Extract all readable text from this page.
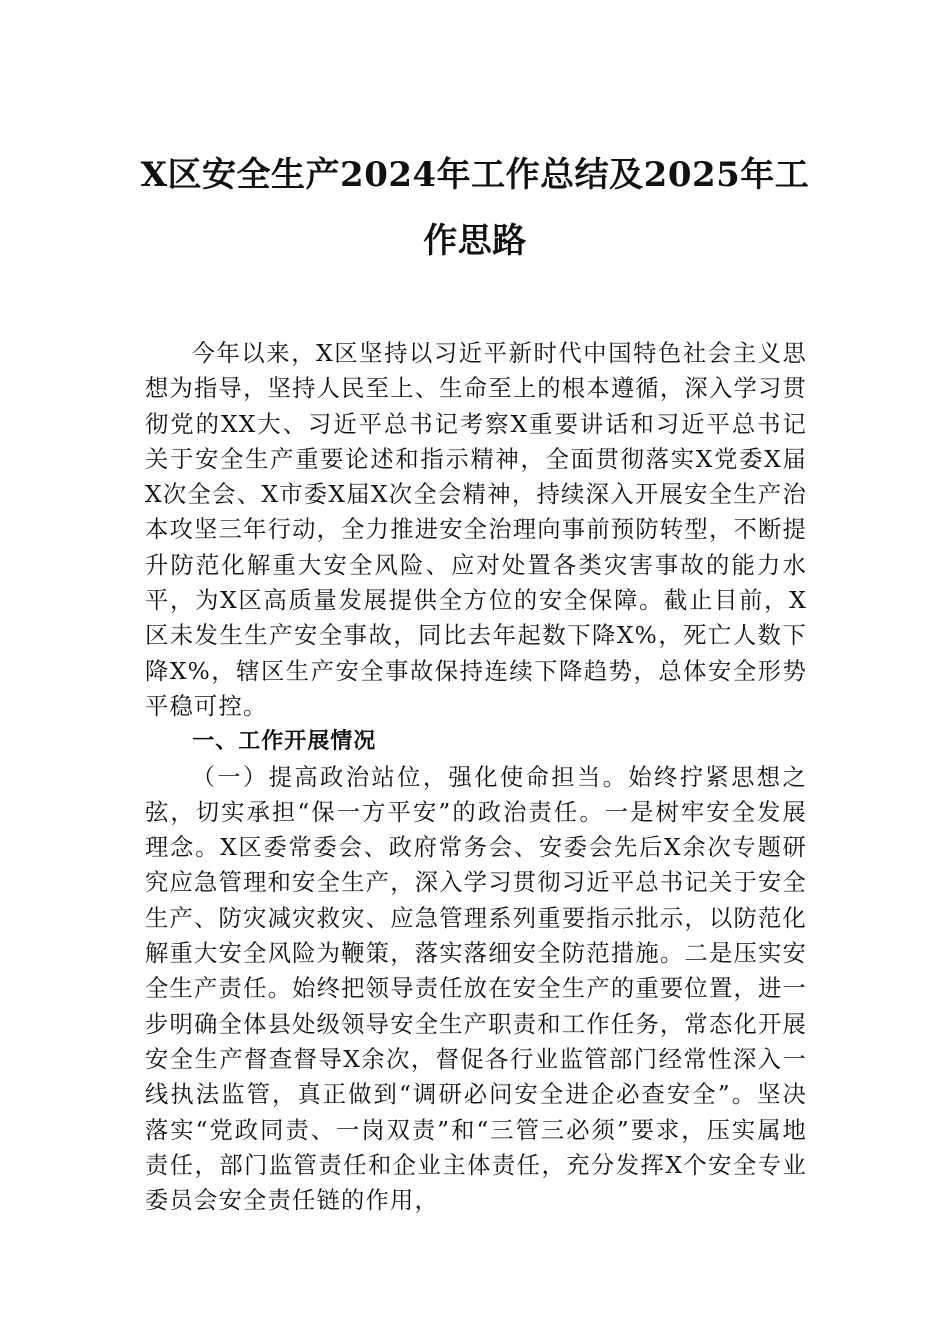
X区安全生产2024年工作总结及2025年工作思路

今年以来，X区坚持以习近平新时代中国特色社会主义思想为指导，坚持人民至上、生命至上的根本遵循，深入学习贯彻党的XX大、习近平总书记考察X重要讲话和习近平总书记关于安全生产重要论述和指示精神，全面贯彻落实X党委X届X次全会、X市委X届X次全会精神，持续深入开展安全生产治本攻坚三年行动，全力推进安全治理向事前预防转型，不断提升防范化解重大安全风险、应对处置各类灾害事故的能力水平，为X区高质量发展提供全方位的安全保障。截止目前，X区未发生生产安全事故，同比去年起数下降X%，死亡人数下降X%，辖区生产安全事故保持连续下降趋势，总体安全形势平稳可控。

一、工作开展情况

（一）提高政治站位，强化使命担当。始终拧紧思想之弦，切实承担“保一方平安”的政治责任。一是树牢安全发展理念。X区委常委会、政府常务会、安委会先后X余次专题研究应急管理和安全生产，深入学习贯彻习近平总书记关于安全生产、防灾减灾救灾、应急管理系列重要指示批示，以防范化解重大安全风险为鞭策，落实落细安全防范措施。二是压实安全生产责任。始终把领导责任放在安全生产的重要位置，进一步明确全体县处级领导安全生产职责和工作任务，常态化开展安全生产督查督导X余次，督促各行业监管部门经常性深入一线执法监管，真正做到“调研必问安全进企必查安全”。坚决落实“党政同责、一岗双责”和“三管三必须”要求，压实属地责任，部门监管责任和企业主体责任，充分发挥X个安全专业委员会安全责任链的作用，
